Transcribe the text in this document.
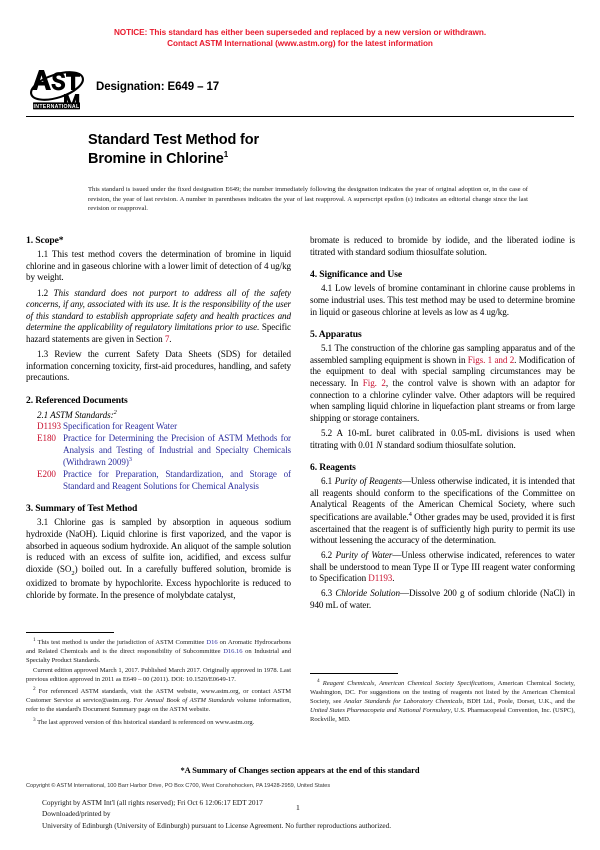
NOTICE: This standard has either been superseded and replaced by a new version or withdrawn.
Contact ASTM International (www.astm.org) for the latest information
INTERNATIONAL
Designation: E649 – 17
Standard Test Method for
Bromine in Chlorine$^1$
This standard is issued under the fixed designation E649; the number immediately following the designation indicates the year of original adoption or, in the case of revision, the year of last revision. A number in parentheses indicates the year of last reapproval. A superscript epsilon (ε) indicates an editorial change since the last revision or reapproval.
1. Scope*

1.1 This test method covers the determination of bromine in liquid chlorine and in gaseous chlorine with a lower limit of detection of 4 ug/kg by weight.

1.2 This standard does not purport to address all of the safety concerns, if any, associated with its use. It is the responsibility of the user of this standard to establish appropriate safety and health practices and determine the applicability of regulatory limitations prior to use. Specific hazard statements are given in Section 7.

1.3 Review the current Safety Data Sheets (SDS) for detailed information concerning toxicity, first-aid procedures, handling, and safety precautions.

2. Referenced Documents

2.1 ASTM Standards:$^2$

D1193 Specification for Reagent Water
E180 Practice for Determining the Precision of ASTM Methods for Analysis and Testing of Industrial and Specialty Chemicals (Withdrawn 2009)$^3$
E200 Practice for Preparation, Standardization, and Storage of Standard and Reagent Solutions for Chemical Analysis
3. Summary of Test Method

3.1 Chlorine gas is sampled by absorption in aqueous sodium hydroxide (NaOH). Liquid chlorine is first vaporized, and the vapor is absorbed in aqueous sodium hydroxide. An aliquot of the sample solution is reduced with an excess of sulfite ion, acidified, and excess sulfur dioxide $(SO_2)$ boiled out. In a carefully buffered solution, bromide is oxidized to bromate by hypochlorite. Excess hypochlorite is reduced to chloride by formate. In the presence of molybdate catalyst,

$^1$ This test method is under the jurisdiction of ASTM Committee D16 on Aromatic Hydrocarbons and Related Chemicals and is the direct responsibility of Subcommittee D16.16 on Industrial and Specialty Product Standards.

Current edition approved March 1, 2017. Published March 2017. Originally approved in 1978. Last previous edition approved in 2011 as E649 – 00 (2011). DOI: 10.1520/E0649-17.

$^2$ For referenced ASTM standards, visit the ASTM website, www.astm.org, or contact ASTM Customer Service at service@astm.org. For Annual Book of ASTM Standards volume information, refer to the standard's Document Summary page on the ASTM website.

$^3$ The last approved version of this historical standard is referenced on www.astm.org.

bromate is reduced to bromide by iodide, and the liberated iodine is titrated with standard sodium thiosulfate solution.

4. Significance and Use

4.1 Low levels of bromine contaminant in chlorine cause problems in some industrial uses. This test method may be used to determine bromine in liquid or gaseous chlorine at levels as low as 4 ug/kg.

5. Apparatus

5.1 The construction of the chlorine gas sampling apparatus and of the assembled sampling equipment is shown in Figs. 1 and 2. Modification of the equipment to deal with special sampling circumstances may be necessary. In Fig. 2, the control valve is shown with an adaptor for connection to a chlorine cylinder valve. Other adaptors will be required when sampling liquid chlorine in liquefaction plant streams or from large shipping or storage containers.

5.2 A 10-mL buret calibrated in 0.05-mL divisions is used when titrating with 0.01 N standard sodium thiosulfate solution.

6. Reagents

6.1 Purity of Reagents—Unless otherwise indicated, it is intended that all reagents should conform to the specifications of the Committee on Analytical Reagents of the American Chemical Society, where such specifications are available.$^4$ Other grades may be used, provided it is first ascertained that the reagent is of sufficiently high purity to permit its use without lessening the accuracy of the determination.

6.2 Purity of Water—Unless otherwise indicated, references to water shall be understood to mean Type II or Type III reagent water conforming to Specification D1193.

6.3 Chloride Solution—Dissolve 200 g of sodium chloride (NaCl) in 940 mL of water.

$^4$ Reagent Chemicals, American Chemical Society Specifications, American Chemical Society, Washington, DC. For suggestions on the testing of reagents not listed by the American Chemical Society, see Analar Standards for Laboratory Chemicals, BDH Ltd., Poole, Dorset, U.K., and the United States Pharmacopeia and National Formulary, U.S. Pharmacopeial Convention, Inc. (USPC), Rockville, MD.

*A Summary of Changes section appears at the end of this standard
Copyright © ASTM International, 100 Barr Harbor Drive, PO Box C700, West Conshohocken, PA 19428-2959, United States
Copyright by ASTM Int'l (all rights reserved); Fri Oct 6 12:06:17 EDT 2017
Downloaded/printed by
University of Edinburgh (University of Edinburgh) pursuant to License Agreement. No further reproductions authorized.
1
